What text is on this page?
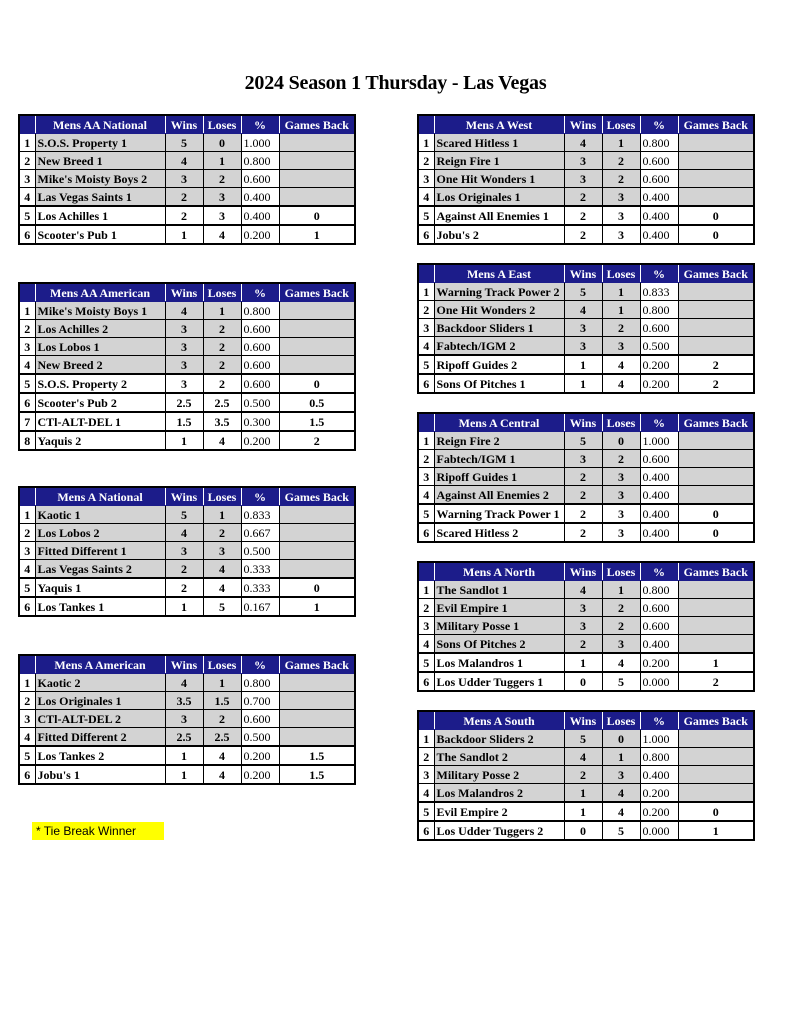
2024 Season 1 Thursday - Las Vegas
	Mens AA National	Wins	Loses	%	Games Back
1	S.O.S. Property 1	5	0	1.000	
2	New Breed 1	4	1	0.800	
3	Mike's Moisty Boys 2	3	2	0.600	
4	Las Vegas Saints 1	2	3	0.400	
5	Los Achilles 1	2	3	0.400	0
6	Scooter's Pub 1	1	4	0.200	1
	Mens AA American	Wins	Loses	%	Games Back
1	Mike's Moisty Boys 1	4	1	0.800	
2	Los Achilles 2	3	2	0.600	
3	Los Lobos 1	3	2	0.600	
4	New Breed 2	3	2	0.600	
5	S.O.S. Property 2	3	2	0.600	0
6	Scooter's Pub 2	2.5	2.5	0.500	0.5
7	CTl-ALT-DEL 1	1.5	3.5	0.300	1.5
8	Yaquis 2	1	4	0.200	2
	Mens A National	Wins	Loses	%	Games Back
1	Kaotic 1	5	1	0.833	
2	Los Lobos 2	4	2	0.667	
3	Fitted Different 1	3	3	0.500	
4	Las Vegas Saints 2	2	4	0.333	
5	Yaquis 1	2	4	0.333	0
6	Los Tankes 1	1	5	0.167	1
	Mens A American	Wins	Loses	%	Games Back
1	Kaotic 2	4	1	0.800	
2	Los Originales 1	3.5	1.5	0.700	
3	CTl-ALT-DEL 2	3	2	0.600	
4	Fitted Different 2	2.5	2.5	0.500	
5	Los Tankes 2	1	4	0.200	1.5
6	Jobu's 1	1	4	0.200	1.5
	Mens A West	Wins	Loses	%	Games Back
1	Scared Hitless 1	4	1	0.800	
2	Reign Fire 1	3	2	0.600	
3	One Hit Wonders 1	3	2	0.600	
4	Los Originales 1	2	3	0.400	
5	Against All Enemies 1	2	3	0.400	0
6	Jobu's 2	2	3	0.400	0
	Mens A East	Wins	Loses	%	Games Back
1	Warning Track Power 2	5	1	0.833	
2	One Hit Wonders 2	4	1	0.800	
3	Backdoor Sliders 1	3	2	0.600	
4	Fabtech/IGM 2	3	3	0.500	
5	Ripoff Guides 2	1	4	0.200	2
6	Sons Of Pitches 1	1	4	0.200	2
	Mens A Central	Wins	Loses	%	Games Back
1	Reign Fire 2	5	0	1.000	
2	Fabtech/IGM 1	3	2	0.600	
3	Ripoff Guides 1	2	3	0.400	
4	Against All Enemies 2	2	3	0.400	
5	Warning Track Power 1	2	3	0.400	0
6	Scared Hitless 2	2	3	0.400	0
	Mens A North	Wins	Loses	%	Games Back
1	The Sandlot 1	4	1	0.800	
2	Evil Empire 1	3	2	0.600	
3	Military Posse 1	3	2	0.600	
4	Sons Of Pitches 2	2	3	0.400	
5	Los Malandros 1	1	4	0.200	1
6	Los Udder Tuggers 1	0	5	0.000	2
	Mens A South	Wins	Loses	%	Games Back
1	Backdoor Sliders 2	5	0	1.000	
2	The Sandlot 2	4	1	0.800	
3	Military Posse 2	2	3	0.400	
4	Los Malandros 2	1	4	0.200	
5	Evil Empire 2	1	4	0.200	0
6	Los Udder Tuggers 2	0	5	0.000	1
* Tie Break Winner
